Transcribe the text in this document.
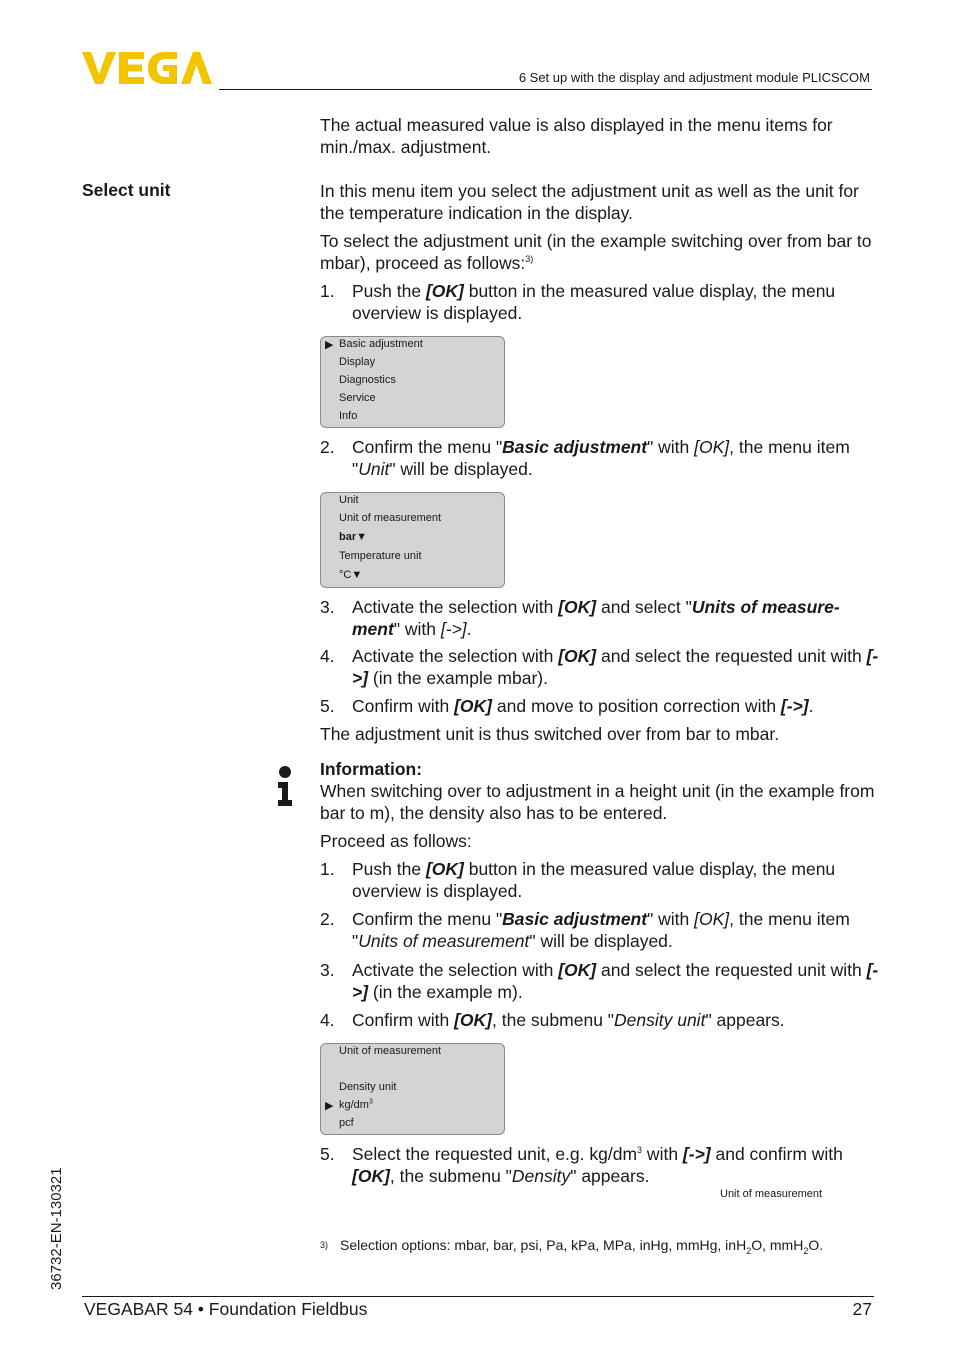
6 Set up with the display and adjustment module PLICSCOM

The actual measured value is also displayed in the menu items for min./max. adjustment.

Select unit	In this menu item you select the adjustment unit as well as the unit for the temperature indication in the display.

To select the adjustment unit (in the example switching over from bar to mbar), proceed as follows:$^{3)}$

1. Push the [OK] button in the measured value display, the menu overview is displayed.
▶ Basic adjustment
Display
Diagnostics
Service
Info
2. Confirm the menu "Basic adjustment" with [OK], the menu item "Unit" will be displayed.
Unit
Unit of measurement
bar▼
Temperature unit
°C▼
3. Activate the selection with [OK] and select "Units of measure-ment" with [->].
4. Activate the selection with [OK] and select the requested unit with [->] (in the example mbar).
5. Confirm with [OK] and move to position correction with [->].

The adjustment unit is thus switched over from bar to mbar.

Information:

When switching over to adjustment in a height unit (in the example from bar to m), the density also has to be entered.

Proceed as follows:

1. Push the [OK] button in the measured value display, the menu overview is displayed.
2. Confirm the menu "Basic adjustment" with [OK], the menu item "Units of measurement" will be displayed.
3. Activate the selection with [OK] and select the requested unit with [->] (in the example m).
4. Confirm with [OK], the submenu "Density unit" appears.
Unit of measurement
Density unit
▶ $kg/dm^3$
pcf
5. Select the requested unit, e.g. $kg/dm^3$ with [->] and confirm with [OK], the submenu "Density" appears.
Unit of measurement
3) Selection options: mbar, bar, psi, Pa, kPa, MPa, inHg, mmHg, inH$_2$O, mmH$_2$O.
36732-EN-130321
VEGABAR 54 • Foundation Fieldbus	27
